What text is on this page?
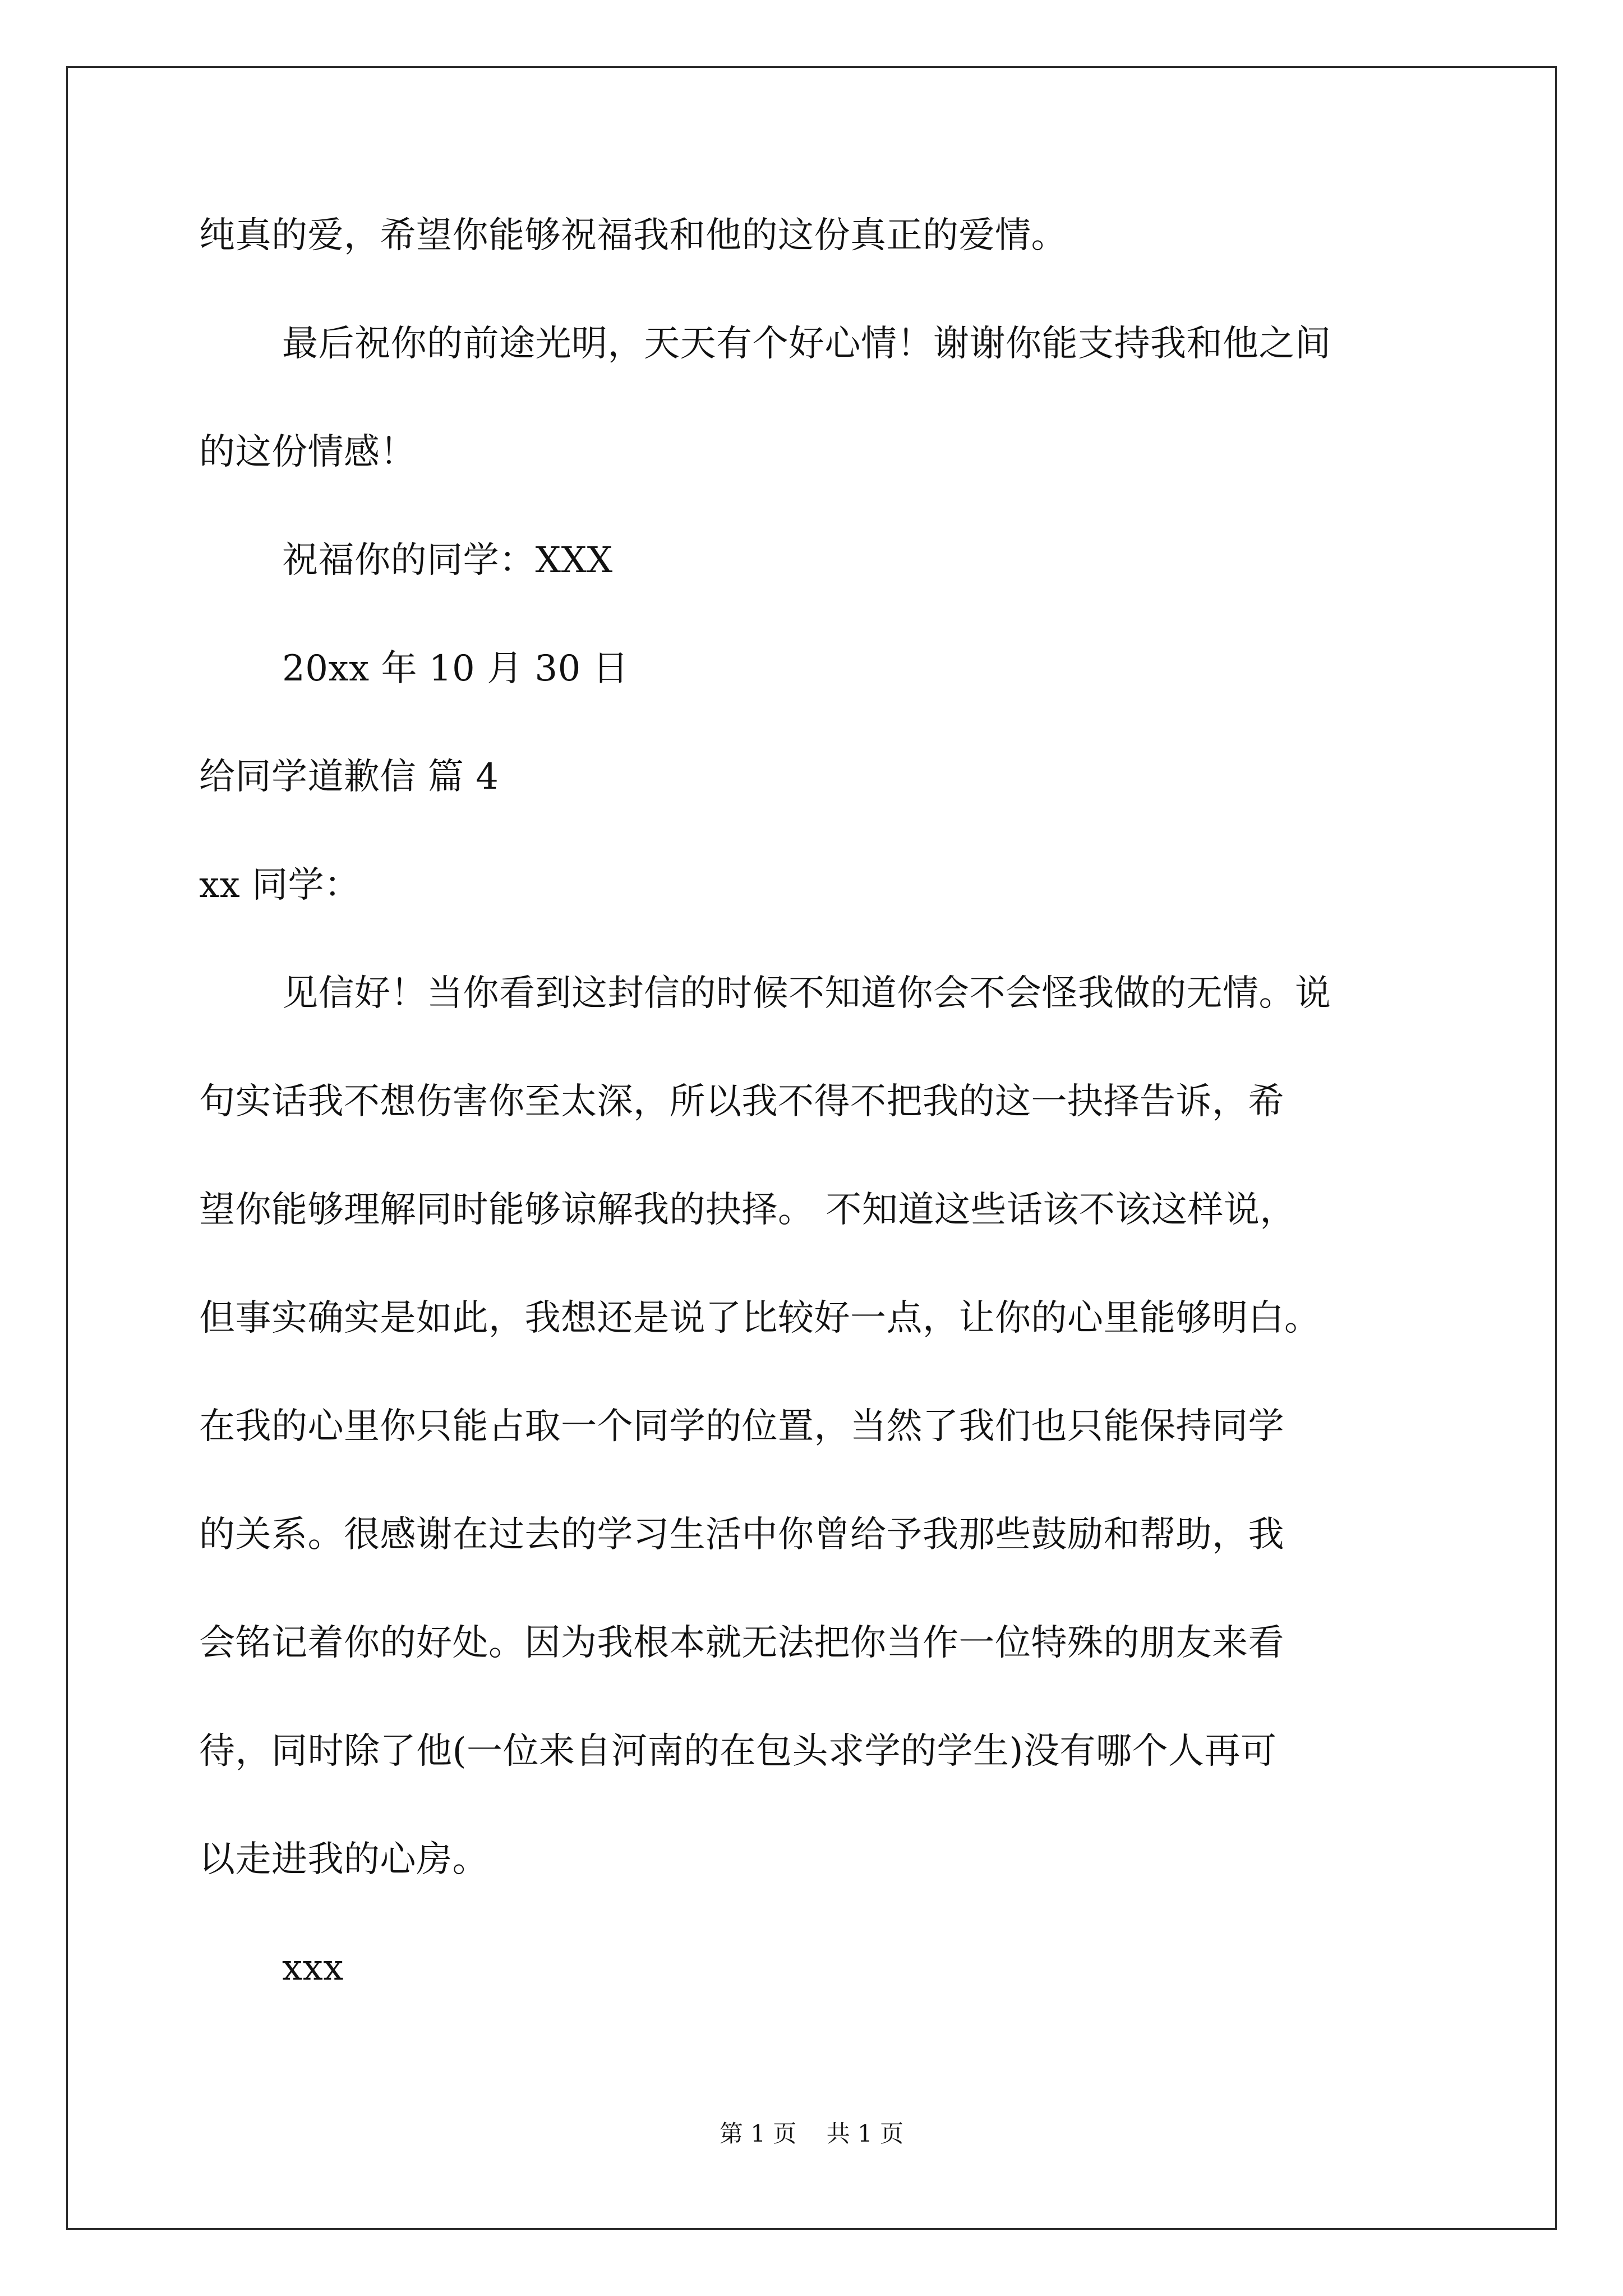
纯真的爱，希望你能够祝福我和他的这份真正的爱情。
最后祝你的前途光明，天天有个好心情！谢谢你能支持我和他之间
的这份情感！
祝福你的同学：XXX
20xx 年 10 月 30 日
给同学道歉信 篇 4
xx 同学：
见信好！当你看到这封信的时候不知道你会不会怪我做的无情。说
句实话我不想伤害你至太深，所以我不得不把我的这一抉择告诉，希
望你能够理解同时能够谅解我的抉择。 不知道这些话该不该这样说，
但事实确实是如此，我想还是说了比较好一点，让你的心里能够明白。
在我的心里你只能占取一个同学的位置，当然了我们也只能保持同学
的关系。很感谢在过去的学习生活中你曾给予我那些鼓励和帮助，我
会铭记着你的好处。因为我根本就无法把你当作一位特殊的朋友来看
待，同时除了他(一位来自河南的在包头求学的学生)没有哪个人再可
以走进我的心房。
xxx
第 1 页    共 1 页
